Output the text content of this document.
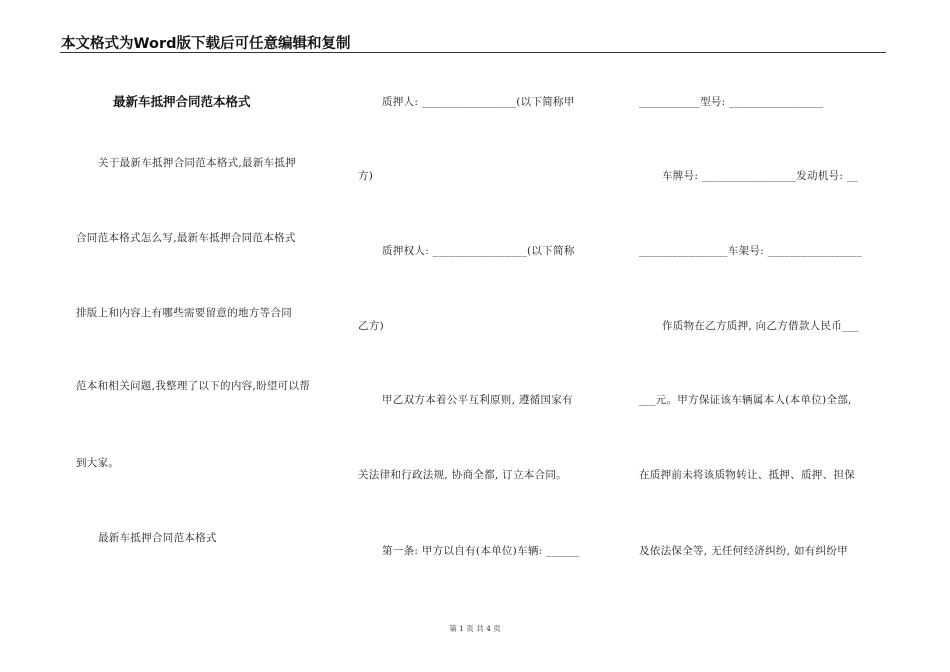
本文格式为Word版下载后可任意编辑和复制
最新车抵押合同范本格式
关于最新车抵押合同范本格式,最新车抵押
合同范本格式怎么写,最新车抵押合同范本格式
排版上和内容上有哪些需要留意的地方等合同
范本和相关问题,我整理了以下的内容,盼望可以帮
到大家。
最新车抵押合同范本格式
质押人: _________________(以下简称甲
方)
质押权人: _________________(以下简称
乙方)
甲乙双方本着公平互利原则, 遵循国家有
关法律和行政法规, 协商全都, 订立本合同。
第一条: 甲方以自有(本单位)车辆: ______
___________型号: _________________
车牌号: _________________发动机号: __
________________车架号: _________________
作质物在乙方质押, 向乙方借款人民币___
___元。甲方保证该车辆属本人(本单位)全部,
在质押前未将该质物转让、抵押、质押、担保
及依法保全等, 无任何经济纠纷, 如有纠纷甲
第 1 页 共 4 页
